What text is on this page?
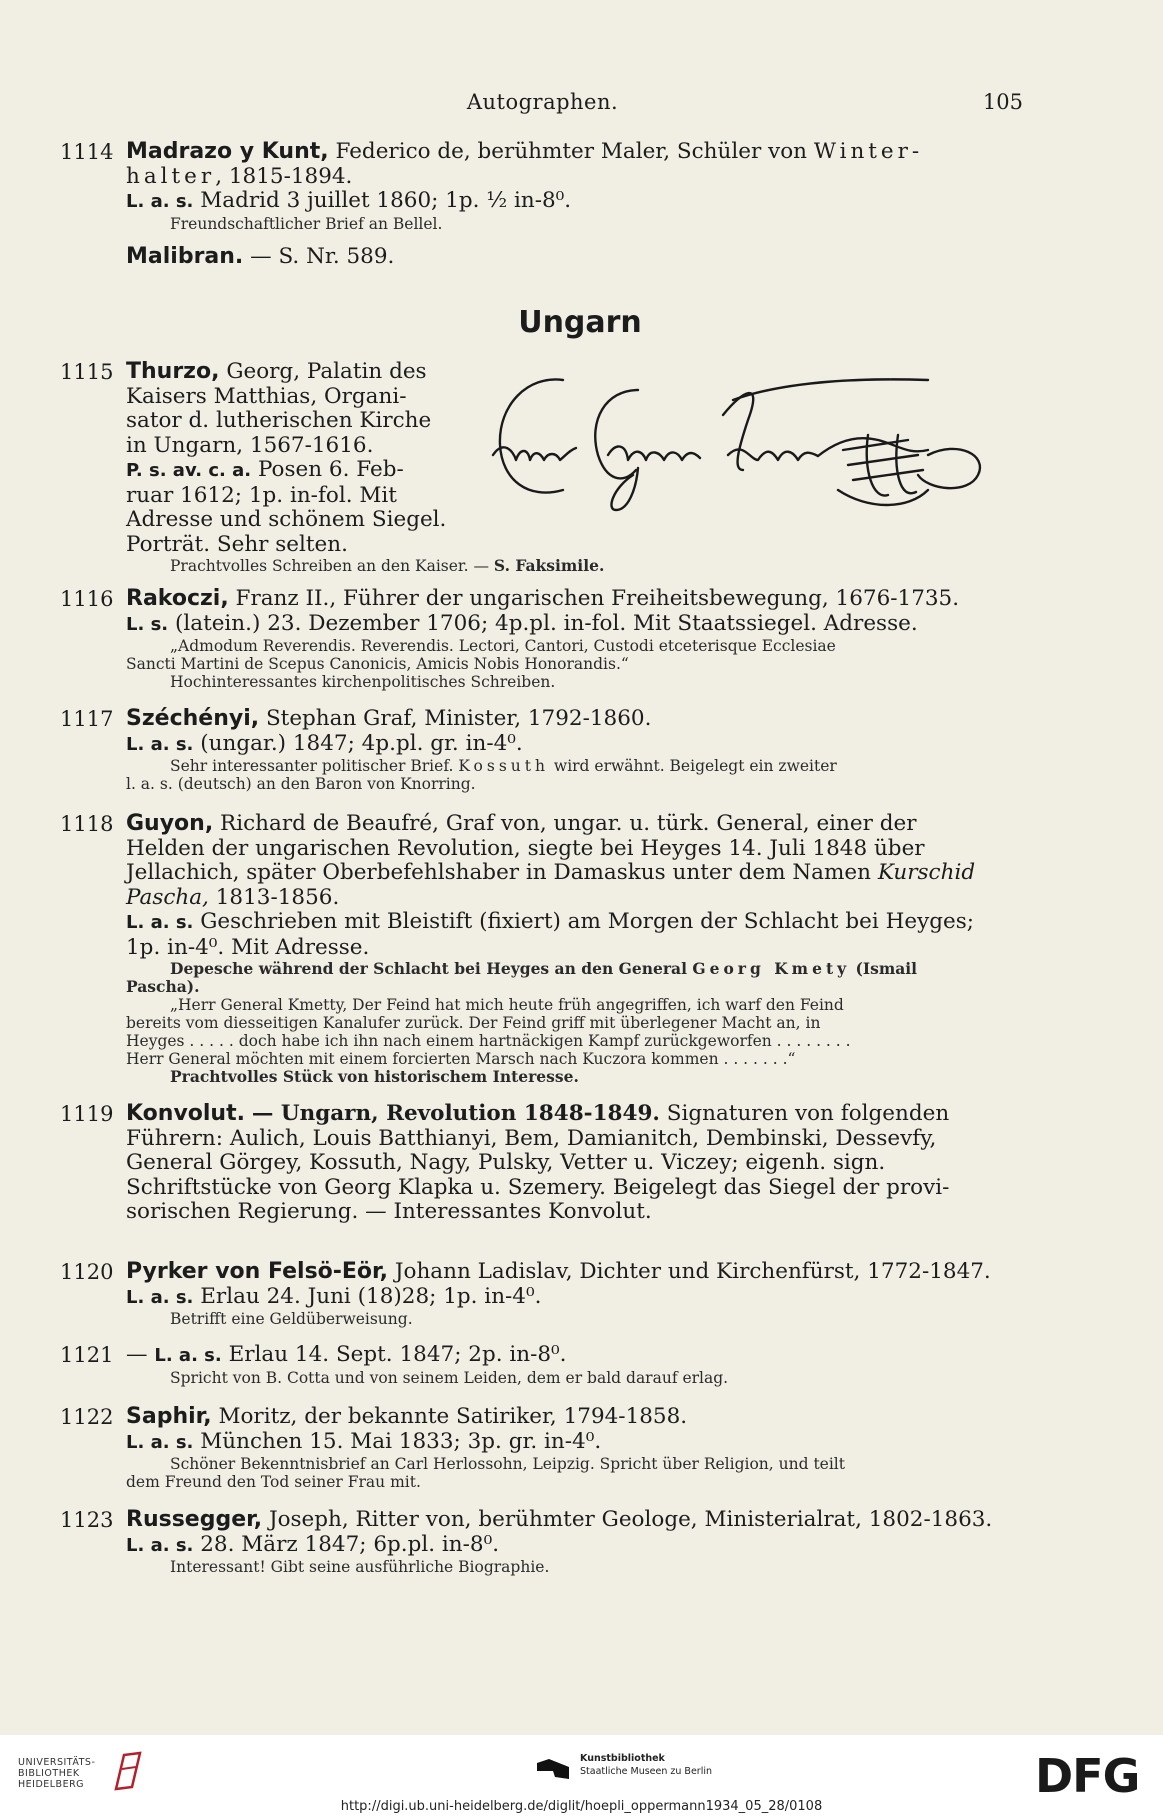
Autographen.	105
1114 Madrazo y Kunt, Federico de, berühmter Maler, Schüler von Winter-
halter, 1815-1894.
L. a. s. Madrid 3 juillet 1860; 1p. ½ in-8⁰.
Freundschaftlicher Brief an Bellel.
Malibran. — S. Nr. 589.
Ungarn
1115 Thurzo, Georg, Palatin des
Kaisers Matthias, Organi-
sator d. lutherischen Kirche
in Ungarn, 1567-1616.
P. s. av. c. a. Posen 6. Feb-
ruar 1612; 1p. in-fol. Mit
Adresse und schönem Siegel.
Porträt. Sehr selten.
Prachtvolles Schreiben an den Kaiser. — S. Faksimile.
1116 Rakoczi, Franz II., Führer der ungarischen Freiheitsbewegung, 1676-1735.
L. s. (latein.) 23. Dezember 1706; 4p.pl. in-fol. Mit Staatssiegel. Adresse.
„Admodum Reverendis. Reverendis. Lectori, Cantori, Custodi etceterisque Ecclesiae
Sancti Martini de Scepus Canonicis, Amicis Nobis Honorandis.“
Hochinteressantes kirchenpolitisches Schreiben.
1117 Széchényi, Stephan Graf, Minister, 1792-1860.
L. a. s. (ungar.) 1847; 4p.pl. gr. in-4⁰.
Sehr interessanter politischer Brief. Kossuth wird erwähnt. Beigelegt ein zweiter
l. a. s. (deutsch) an den Baron von Knorring.
1118 Guyon, Richard de Beaufré, Graf von, ungar. u. türk. General, einer der
Helden der ungarischen Revolution, siegte bei Heyges 14. Juli 1848 über
Jellachich, später Oberbefehlshaber in Damaskus unter dem Namen Kurschid
Pascha, 1813-1856.
L. a. s. Geschrieben mit Bleistift (fixiert) am Morgen der Schlacht bei Heyges;
1p. in-4⁰. Mit Adresse.
Depesche während der Schlacht bei Heyges an den General Georg Kmety (Ismail
Pascha).
„Herr General Kmetty, Der Feind hat mich heute früh angegriffen, ich warf den Feind
bereits vom diesseitigen Kanalufer zurück. Der Feind griff mit überlegener Macht an, in
Heyges . . . . . doch habe ich ihn nach einem hartnäckigen Kampf zurückgeworfen . . . . . . . .
Herr General möchten mit einem forcierten Marsch nach Kuczora kommen . . . . . . .“
Prachtvolles Stück von historischem Interesse.
1119 Konvolut. — Ungarn, Revolution 1848-1849. Signaturen von folgenden
Führern: Aulich, Louis Batthianyi, Bem, Damianitch, Dembinski, Dessevfy,
General Görgey, Kossuth, Nagy, Pulsky, Vetter u. Viczey; eigenh. sign.
Schriftstücke von Georg Klapka u. Szemery. Beigelegt das Siegel der provi-
sorischen Regierung. — Interessantes Konvolut.
1120 Pyrker von Felsö-Eör, Johann Ladislav, Dichter und Kirchenfürst, 1772-1847.
L. a. s. Erlau 24. Juni (18)28; 1p. in-4⁰.
Betrifft eine Geldüberweisung.
1121 — L. a. s. Erlau 14. Sept. 1847; 2p. in-8⁰.
Spricht von B. Cotta und von seinem Leiden, dem er bald darauf erlag.
1122 Saphir, Moritz, der bekannte Satiriker, 1794-1858.
L. a. s. München 15. Mai 1833; 3p. gr. in-4⁰.
Schöner Bekenntnisbrief an Carl Herlossohn, Leipzig. Spricht über Religion, und teilt
dem Freund den Tod seiner Frau mit.
1123 Russegger, Joseph, Ritter von, berühmter Geologe, Ministerialrat, 1802-1863.
L. a. s. 28. März 1847; 6p.pl. in-8⁰.
Interessant! Gibt seine ausführliche Biographie.
UNIVERSITÄTS-
BIBLIOTHEK
HEIDELBERG
Kunstbibliothek
Staatliche Museen zu Berlin	DFG
http://digi.ub.uni-heidelberg.de/diglit/hoepli_oppermann1934_05_28/0108
